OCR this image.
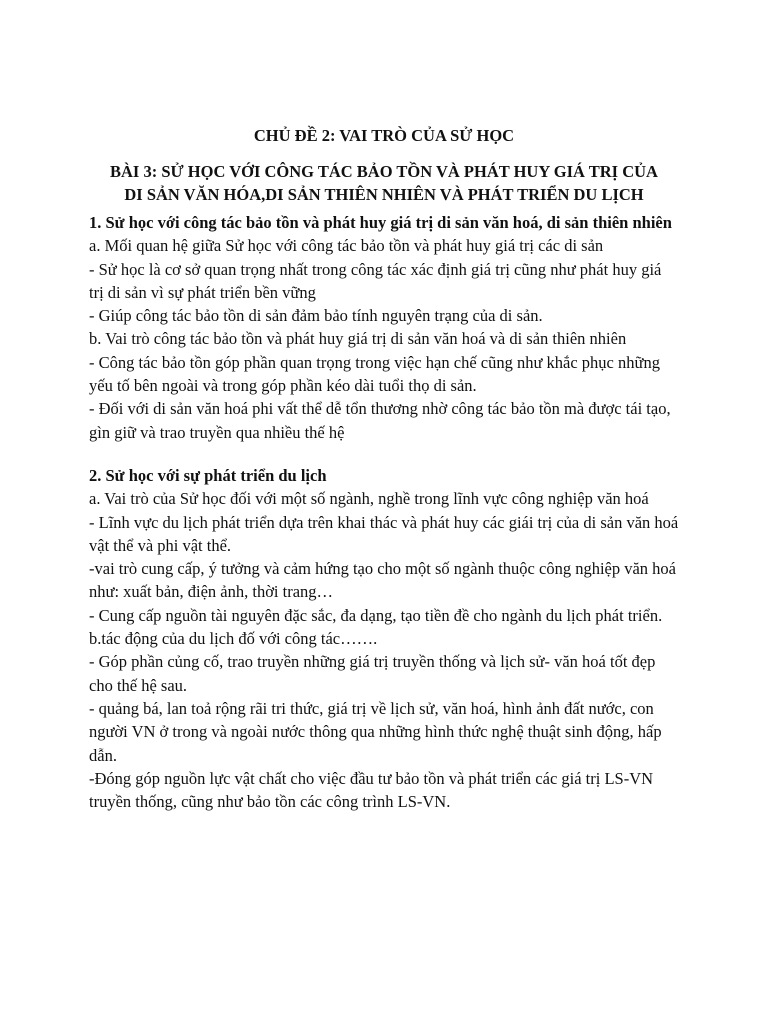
CHỦ ĐỀ 2: VAI TRÒ CỦA SỬ HỌC

BÀI 3: SỬ HỌC VỚI CÔNG TÁC BẢO TỒN VÀ PHÁT HUY GIÁ TRỊ CỦA

DI SẢN VĂN HÓA,DI SẢN THIÊN NHIÊN VÀ PHÁT TRIỂN DU LỊCH

1. Sử học với công tác bảo tồn và phát huy giá trị di sản văn hoá, di sản thiên nhiên

a. Mối quan hệ giữa Sử học với công tác bảo tồn và phát huy giá trị các di sản

- Sử học là cơ sở quan trọng nhất trong công tác xác định giá trị cũng như phát huy giá trị di sản vì sự phát triển bền vững

- Giúp công tác bảo tồn di sản đảm bảo tính nguyên trạng của di sản.

b. Vai trò công tác bảo tồn và phát huy giá trị di sản văn hoá và di sản thiên nhiên

- Công tác bảo tồn góp phần quan trọng trong việc hạn chế cũng như khắc phục những yếu tố bên ngoài và trong góp phần kéo dài tuổi thọ di sản.

- Đối với di sản văn hoá phi vất thể dễ tổn thương nhờ công tác bảo tồn mà được tái tạo, gìn giữ và trao truyền qua nhiều thế hệ

2. Sử học với sự phát triển du lịch

a. Vai trò của Sử học đối với một số ngành, nghề trong lĩnh vực công nghiệp văn hoá

- Lĩnh vực du lịch phát triển dựa trên khai thác và phát huy các giái trị của di sản văn hoá vật thể và phi vật thể.

-vai trò cung cấp, ý tưởng và cảm hứng tạo cho một số ngành thuộc công nghiệp văn hoá như: xuất bản, điện ảnh, thời trang…

- Cung cấp nguồn tài nguyên đặc sắc, đa dạng, tạo tiền đề cho ngành du lịch phát triển.

b.tác động của du lịch đố với công tác…….

- Góp phần củng cố, trao truyền những giá trị truyền thống và lịch sử- văn hoá tốt đẹp cho thế hệ sau.

- quảng bá, lan toả rộng rãi tri thức, giá trị về lịch sử, văn hoá, hình ảnh đất nước, con người VN ở trong và ngoài nước thông qua những hình thức nghệ thuật sinh động, hấp dẫn.

-Đóng góp nguồn lực vật chất cho việc đầu tư bảo tồn và phát triển các giá trị LS-VN truyền thống, cũng như bảo tồn các công trình LS-VN.
